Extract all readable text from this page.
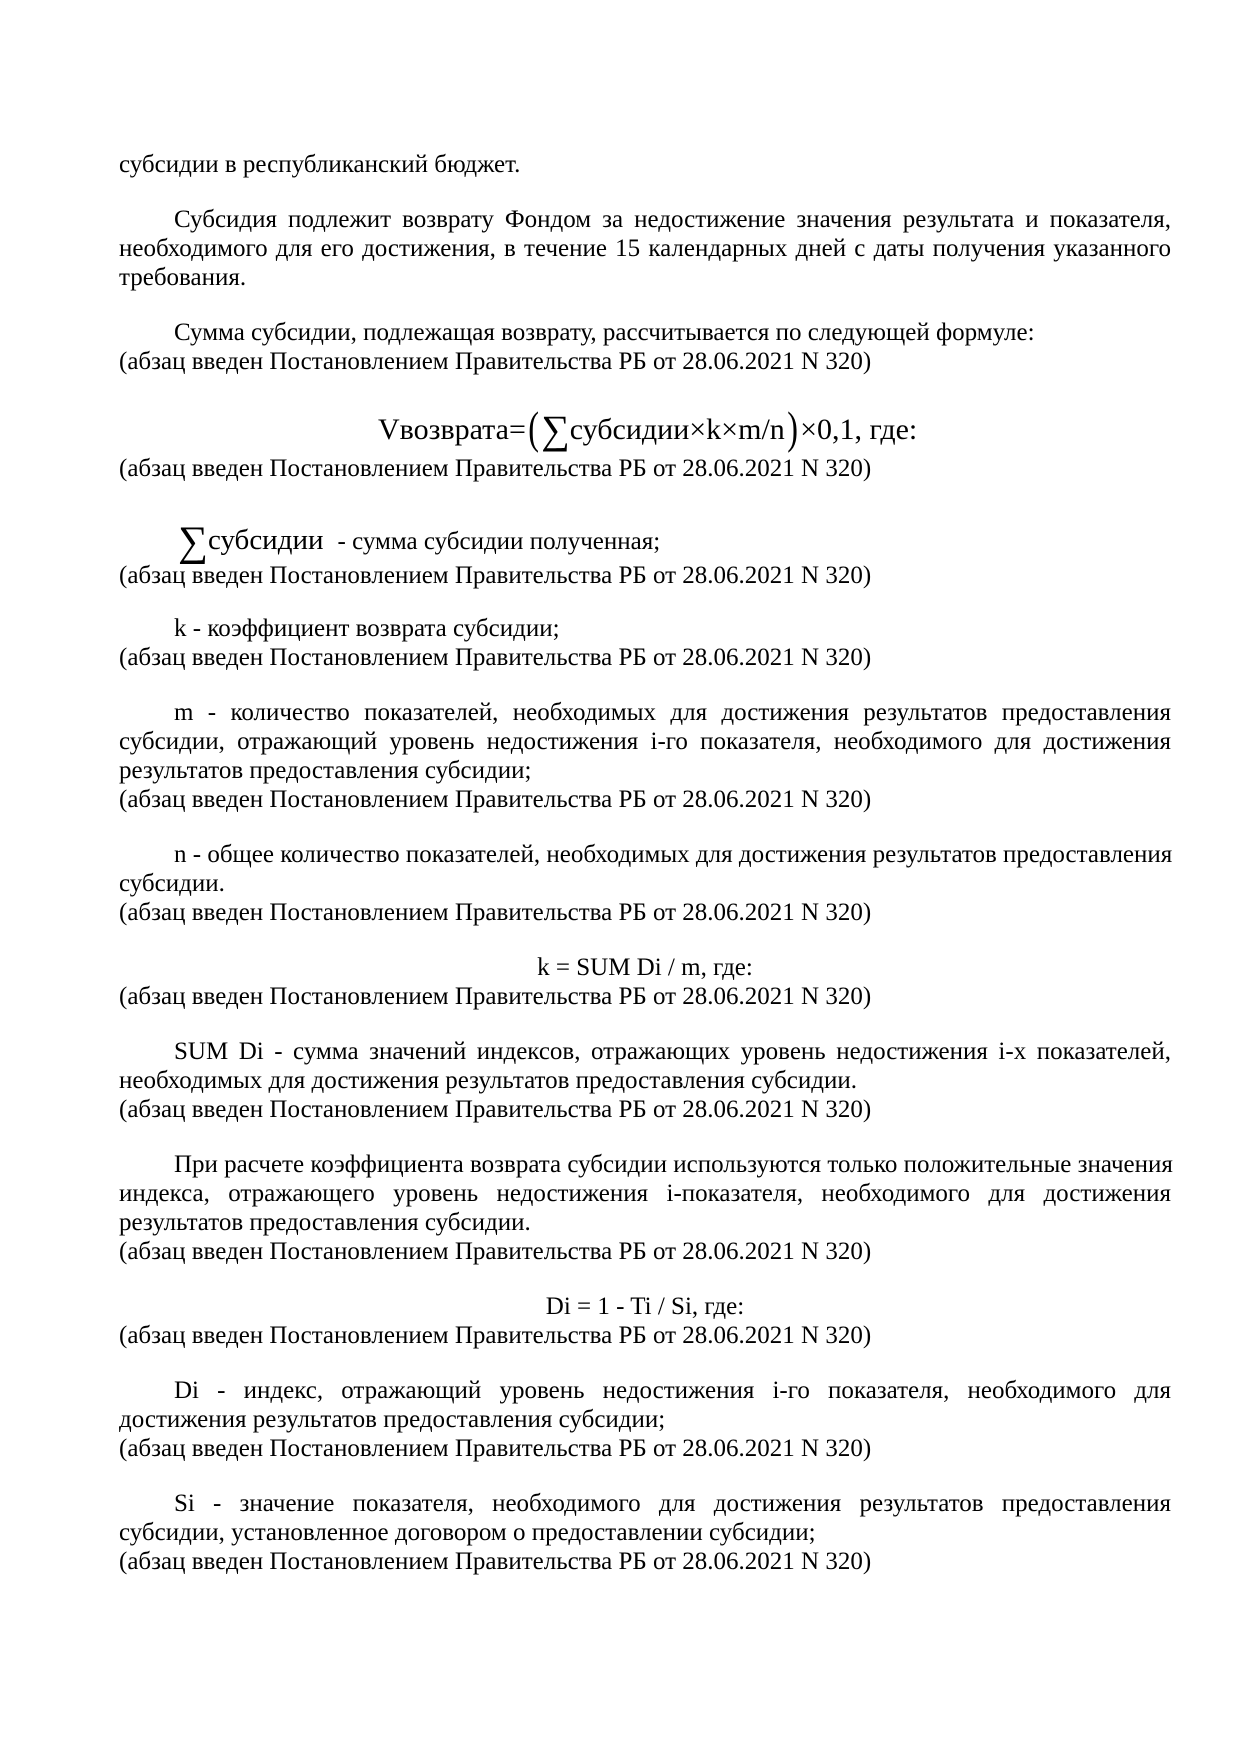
субсидии в республиканский бюджет.
Субсидия подлежит возврату Фондом за недостижение значения результата и показателя,
необходимого для его достижения, в течение 15 календарных дней с даты получения указанного
требования.
Сумма субсидии, подлежащая возврату, рассчитывается по следующей формуле:
(абзац введен Постановлением Правительства РБ от 28.06.2021 N 320)
Vвозврата=(∑субсидии×k×m/n)×0,1, где:
(абзац введен Постановлением Правительства РБ от 28.06.2021 N 320)
∑субсидии - сумма субсидии полученная;
(абзац введен Постановлением Правительства РБ от 28.06.2021 N 320)
k - коэффициент возврата субсидии;
(абзац введен Постановлением Правительства РБ от 28.06.2021 N 320)
m - количество показателей, необходимых для достижения результатов предоставления
субсидии, отражающий уровень недостижения i-го показателя, необходимого для достижения
результатов предоставления субсидии;
(абзац введен Постановлением Правительства РБ от 28.06.2021 N 320)
n - общее количество показателей, необходимых для достижения результатов предоставления
субсидии.
(абзац введен Постановлением Правительства РБ от 28.06.2021 N 320)
k = SUM Di / m, где:
(абзац введен Постановлением Правительства РБ от 28.06.2021 N 320)
SUM Di - сумма значений индексов, отражающих уровень недостижения i-х показателей,
необходимых для достижения результатов предоставления субсидии.
(абзац введен Постановлением Правительства РБ от 28.06.2021 N 320)
При расчете коэффициента возврата субсидии используются только положительные значения
индекса, отражающего уровень недостижения i-показателя, необходимого для достижения
результатов предоставления субсидии.
(абзац введен Постановлением Правительства РБ от 28.06.2021 N 320)
Di = 1 - Ti / Si, где:
(абзац введен Постановлением Правительства РБ от 28.06.2021 N 320)
Di - индекс, отражающий уровень недостижения i-го показателя, необходимого для
достижения результатов предоставления субсидии;
(абзац введен Постановлением Правительства РБ от 28.06.2021 N 320)
Si - значение показателя, необходимого для достижения результатов предоставления
субсидии, установленное договором о предоставлении субсидии;
(абзац введен Постановлением Правительства РБ от 28.06.2021 N 320)
